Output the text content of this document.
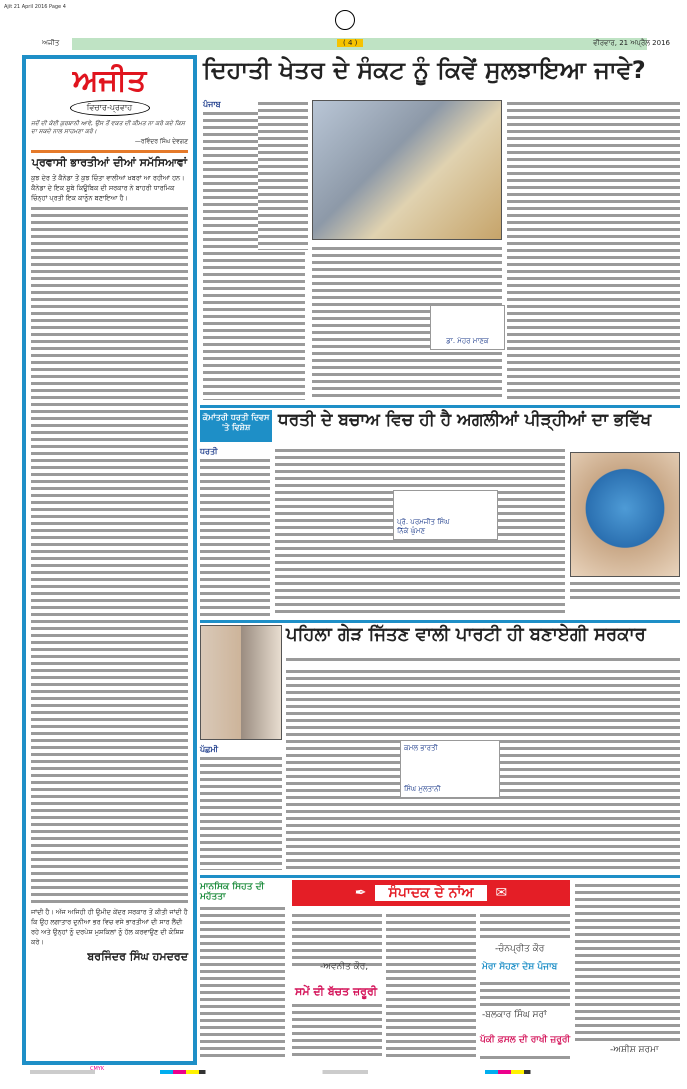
Ajit 21 April 2016 Page 4
ਅਜੀਤ	( 4 )	ਵੀਰਵਾਰ, 21 ਅਪ੍ਰੈਲ 2016
ਅਜੀਤ
ਵਿਚਾਰ-ਪ੍ਰਵਾਹ
ਜਦੋਂ ਦੀ ਕੋਈ ਕੁਰਬਾਨੀ ਆਵੇ, ਉਸ ਤੋਂ ਵਕਤ ਦੀ ਕੀਮਤ ਨਾ ਕਰੋ ਕਦੇ ਕਿਸ ਦਾ ਸਕਦੇ ਨਾਲ ਸਾਹਮਣਾ ਕਰੋ।
—ਰਵਿੰਦਰ ਸਿੰਘ ਦੇਵਗਣ
ਪ੍ਰਵਾਸੀ ਭਾਰਤੀਆਂ ਦੀਆਂ ਸਮੱਸਿਆਵਾਂ
ਕੁਝ ਦੇਰ ਤੋਂ ਕੈਨੇਡਾ ਤੋਂ ਕੁਝ ਚਿੰਤਾ ਵਾਲੀਆਂ ਖ਼ਬਰਾਂ ਆ ਰਹੀਆਂ ਹਨ। ਕੈਨੇਡਾ ਦੇ ਇਕ ਸੂਬੇ ਕਿਊਬਿਕ ਦੀ ਸਰਕਾਰ ਨੇ ਬਾਹਰੀ ਧਾਰਮਿਕ ਚਿੰਨ੍ਹਾਂ ਪ੍ਰਤੀ ਇਕ ਕਾਨੂੰਨ ਬਣਾਇਆ ਹੈ।
ਜਾਂਦੀ ਹੈ। ਅੱਜ ਅਜਿਹੀ ਹੀ ਉਮੀਦ ਕੇਂਦਰ ਸਰਕਾਰ ਤੋਂ ਕੀਤੀ ਜਾਂਦੀ ਹੈ ਕਿ ਉਹ ਲਗਾਤਾਰ ਦੁਨੀਆ ਭਰ ਵਿਚ ਵਸੇ ਭਾਰਤੀਆਂ ਦੀ ਸਾਰ ਲੈਂਦੀ ਰਹੇ ਅਤੇ ਉਨ੍ਹਾਂ ਨੂੰ ਦਰਪੇਸ਼ ਮੁਸ਼ਕਿਲਾਂ ਨੂੰ ਹੱਲ ਕਰਵਾਉਣ ਦੀ ਕੋਸ਼ਿਸ਼ ਕਰੇ।
ਬਰਜਿੰਦਰ ਸਿੰਘ ਹਮਦਰਦ
ਦਿਹਾਤੀ ਖੇਤਰ ਦੇ ਸੰਕਟ ਨੂੰ ਕਿਵੇਂ ਸੁਲਝਾਇਆ ਜਾਵੇ?
ਪੰਜਾਬ
ਡਾ. ਮੇਹਰ ਮਾਣਕ
ਕੌਮਾਂਤਰੀ ਧਰਤੀ ਦਿਵਸ 'ਤੇ ਵਿਸ਼ੇਸ਼	ਧਰਤੀ ਦੇ ਬਚਾਅ ਵਿਚ ਹੀ ਹੈ ਅਗਲੀਆਂ ਪੀੜ੍ਹੀਆਂ ਦਾ ਭਵਿੱਖ
ਧਰਤੀ
ਪ੍ਰੋ. ਪਰਮਜੀਤ ਸਿੰਘ ਨਿੱਕੇ ਘੁੰਮਣ
ਪਹਿਲਾ ਗੇੜ ਜਿੱਤਣ ਵਾਲੀ ਪਾਰਟੀ ਹੀ ਬਣਾਏਗੀ ਸਰਕਾਰ
ਪੱਛਮੀ	ਕਮਲ ਭਾਰਤੀ
ਸਿੰਘ ਮੁਲਤਾਨੀ
ਮਾਨਸਿਕ ਸਿਹਤ ਦੀ ਮਹੱਤਤਾ	✒	ਸੰਪਾਦਕ ਦੇ ਨਾਂਅ	✉
-ਅਵਨੀਤ ਕੌਰ,
ਸਮੇਂ ਦੀ ਬੱਚਤ ਜ਼ਰੂਰੀ
-ਚੰਨਪ੍ਰੀਤ ਕੌਰ
ਮੇਰਾ ਸੋਹਣਾ ਦੇਸ਼ ਪੰਜਾਬ
-ਬਲਕਾਰ ਸਿੰਘ ਸਰਾਂ
ਪੱਕੀ ਫ਼ਸਲ ਦੀ ਰਾਖੀ ਜ਼ਰੂਰੀ
-ਅਸ਼ੀਸ਼ ਸ਼ਰਮਾ
CMYK
